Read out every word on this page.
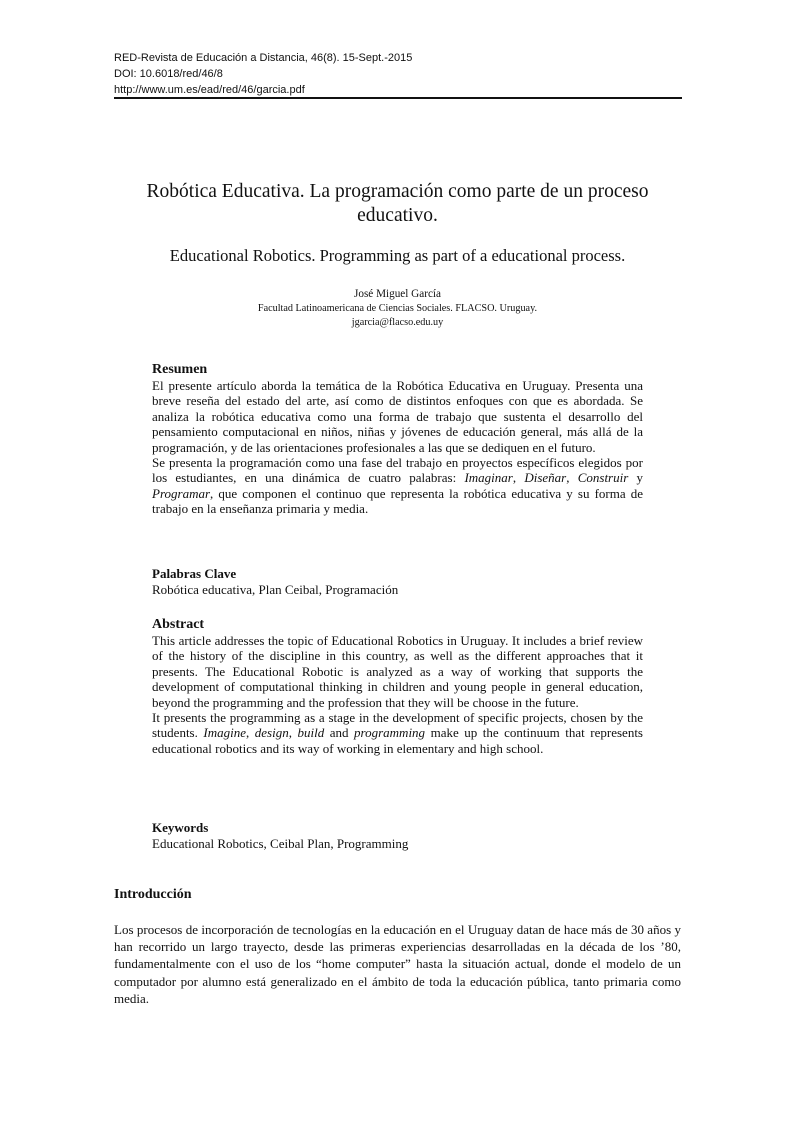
RED-Revista de Educación a Distancia, 46(8). 15-Sept.-2015
DOI: 10.6018/red/46/8
http://www.um.es/ead/red/46/garcia.pdf
Robótica Educativa. La programación como parte de un proceso educativo.
Educational Robotics. Programming as part of a educational process.
José Miguel García
Facultad Latinoamericana de Ciencias Sociales. FLACSO. Uruguay.
jgarcia@flacso.edu.uy
Resumen

El presente artículo aborda la temática de la Robótica Educativa en Uruguay. Presenta una breve reseña del estado del arte, así como de distintos enfoques con que es abordada. Se analiza la robótica educativa como una forma de trabajo que sustenta el desarrollo del pensamiento computacional en niños, niñas y jóvenes de educación general, más allá de la programación, y de las orientaciones profesionales a las que se dediquen en el futuro.

Se presenta la programación como una fase del trabajo en proyectos específicos elegidos por los estudiantes, en una dinámica de cuatro palabras: Imaginar, Diseñar, Construir y Programar, que componen el continuo que representa la robótica educativa y su forma de trabajo en la enseñanza primaria y media.

Palabras Clave
Robótica educativa, Plan Ceibal, Programación
Abstract

This article addresses the topic of Educational Robotics in Uruguay. It includes a brief review of the history of the discipline in this country, as well as the different approaches that it presents. The Educational Robotic is analyzed as a way of working that supports the development of computational thinking in children and young people in general education, beyond the programming and the profession that they will be choose in the future.

It presents the programming as a stage in the development of specific projects, chosen by the students. Imagine, design, build and programming make up the continuum that represents educational robotics and its way of working in elementary and high school.

Keywords
Educational Robotics, Ceibal Plan, Programming
Introducción

Los procesos de incorporación de tecnologías en la educación en el Uruguay datan de hace más de 30 años y han recorrido un largo trayecto, desde las primeras experiencias desarrolladas en la década de los ’80, fundamentalmente con el uso de los “home computer” hasta la situación actual, donde el modelo de un computador por alumno está generalizado en el ámbito de toda la educación pública, tanto primaria como media.
